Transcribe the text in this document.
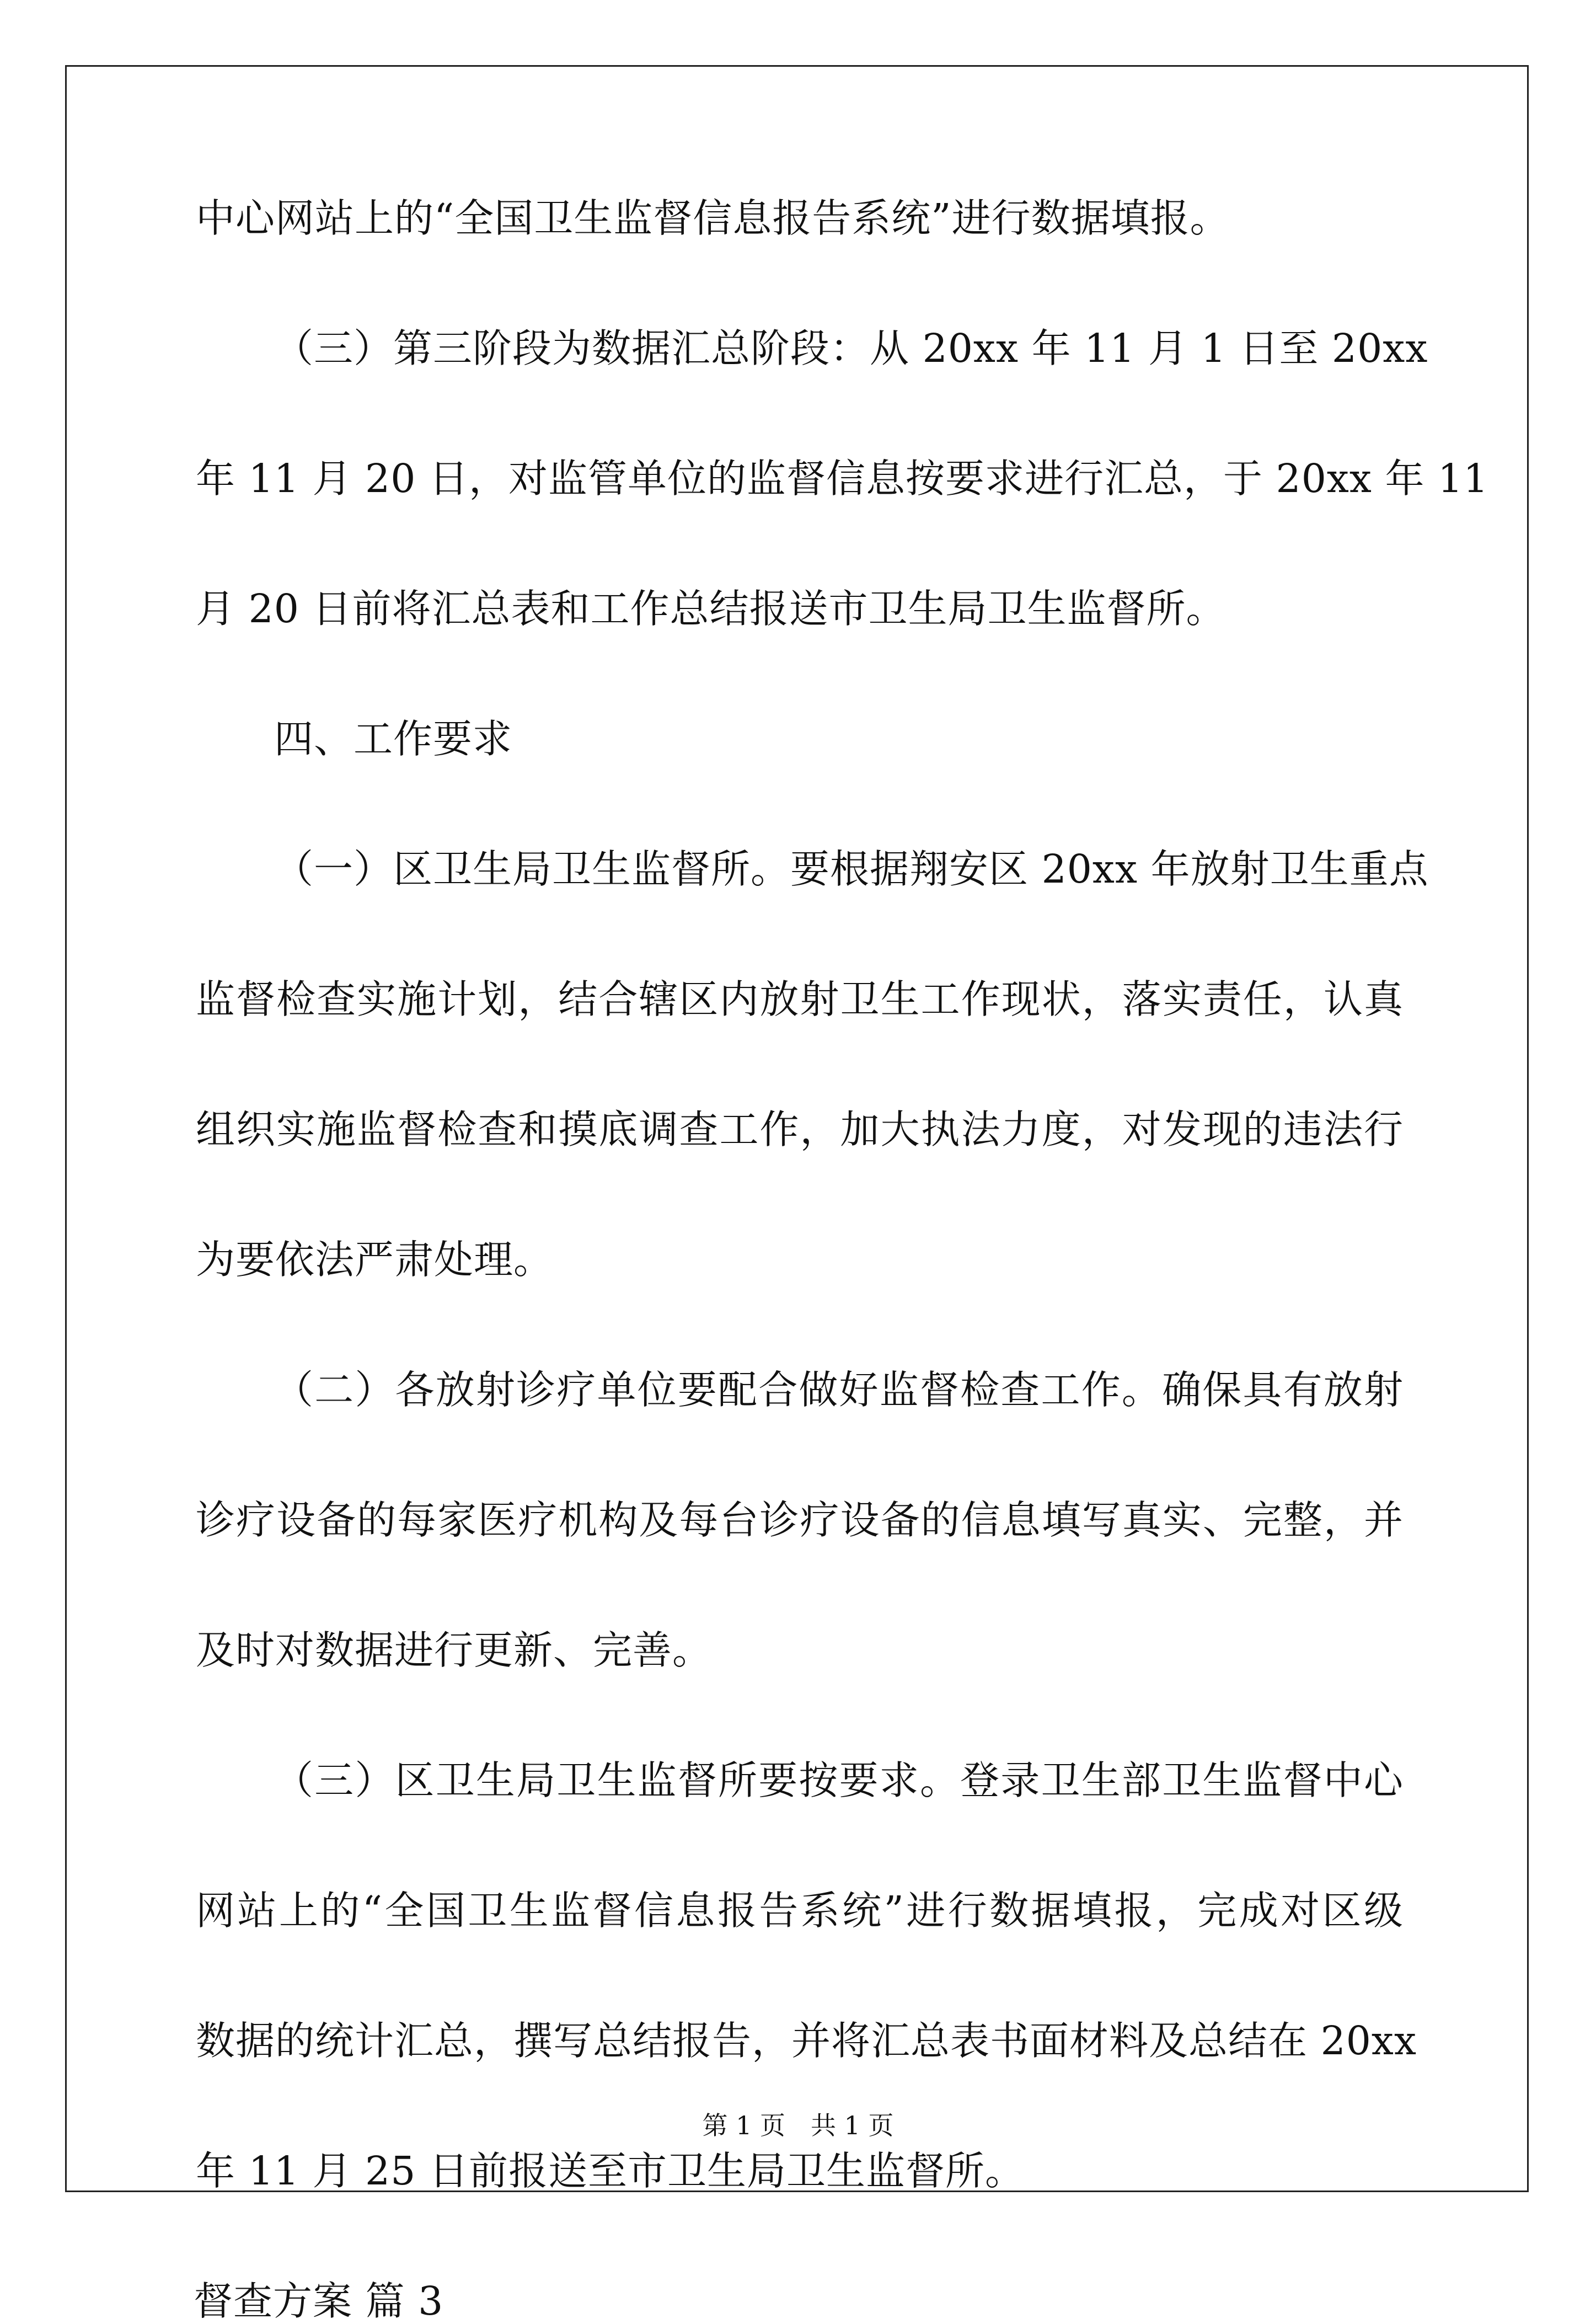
中心网站上的“全国卫生监督信息报告系统”进行数据填报。
（三）第三阶段为数据汇总阶段：从 20xx 年 11 月 1 日至 20xx
年 11 月 20 日，对监管单位的监督信息按要求进行汇总，于 20xx 年 11
月 20 日前将汇总表和工作总结报送市卫生局卫生监督所。
四、工作要求
（一）区卫生局卫生监督所。要根据翔安区 20xx 年放射卫生重点
监督检查实施计划，结合辖区内放射卫生工作现状，落实责任，认真
组织实施监督检查和摸底调查工作，加大执法力度，对发现的违法行
为要依法严肃处理。
（二）各放射诊疗单位要配合做好监督检查工作。确保具有放射
诊疗设备的每家医疗机构及每台诊疗设备的信息填写真实、完整，并
及时对数据进行更新、完善。
（三）区卫生局卫生监督所要按要求。登录卫生部卫生监督中心
网站上的“全国卫生监督信息报告系统”进行数据填报，完成对区级
数据的统计汇总，撰写总结报告，并将汇总表书面材料及总结在 20xx
年 11 月 25 日前报送至市卫生局卫生监督所。
督查方案 篇 3
第 1 页　共 1 页
